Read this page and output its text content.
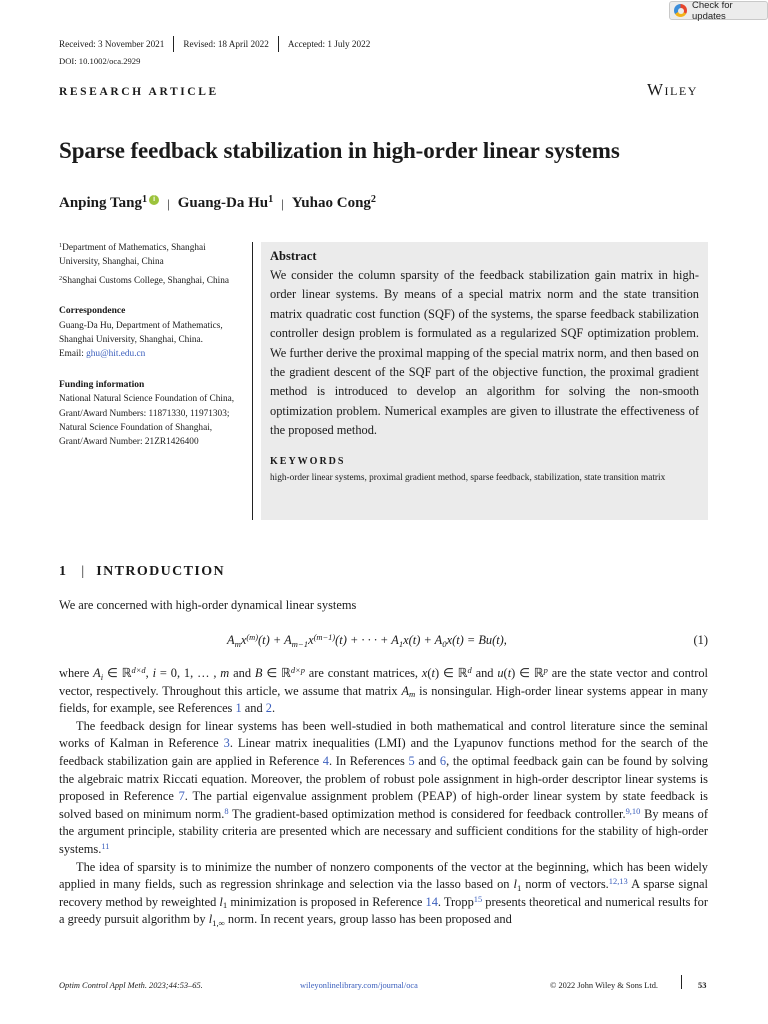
Check for updates
Received: 3 November 2021 Revised: 18 April 2022 Accepted: 1 July 2022
DOI: 10.1002/oca.2929
RESEARCH ARTICLE	Wiley
Sparse feedback stabilization in high-order linear systems
Anping Tang$^1$ i | Guang-Da Hu$^1$ | Yuhao Cong$^2$
$^1$Department of Mathematics, Shanghai University, Shanghai, China
$^2$Shanghai Customs College, Shanghai, China
Correspondence
Guang-Da Hu, Department of Mathematics, Shanghai University, Shanghai, China.
Email: ghu@hit.edu.cn
Funding information
National Natural Science Foundation of China, Grant/Award Numbers: 11871330, 11971303; Natural Science Foundation of Shanghai, Grant/Award Number: 21ZR1426400
Abstract
We consider the column sparsity of the feedback stabilization gain matrix in high-order linear systems. By means of a special matrix norm and the state transition matrix quadratic cost function (SQF) of the systems, the sparse feedback stabilization controller design problem is formulated as a regularized SQF optimization problem. We further derive the proximal mapping of the special matrix norm, and then based on the gradient descent of the SQF part of the objective function, the proximal gradient method is introduced to develop an algorithm for solving the non-smooth optimization problem. Numerical examples are given to illustrate the effectiveness of the proposed method.
KEYWORDS
high-order linear systems, proximal gradient method, sparse feedback, stabilization, state transition matrix
1 | INTRODUCTION
We are concerned with high-order dynamical linear systems
$A_mx^{(m)}(t) + A_{m-1}x^{(m-1)}(t)$ + · · · + $A_1x(t) + A_0x(t) = Bu(t)$,	(1)

where $A_i$ ∈ ℝ$^{d\times d}$, i = 0, 1, … , m and B ∈ ℝ$^{d\times p}$ are constant matrices, x(t) ∈ ℝ$^d$ and u(t) ∈ ℝ$^p$ are the state vector and control vector, respectively. Throughout this article, we assume that matrix $A_m$ is nonsingular. High-order linear systems appear in many fields, for example, see References 1 and 2.

The feedback design for linear systems has been well-studied in both mathematical and control literature since the seminal works of Kalman in Reference 3. Linear matrix inequalities (LMI) and the Lyapunov functions method for the search of the feedback stabilization gain are applied in Reference 4. In References 5 and 6, the optimal feedback gain can be found by solving the algebraic matrix Riccati equation. Moreover, the problem of robust pole assignment in high-order descriptor linear systems is proposed in Reference 7. The partial eigenvalue assignment problem (PEAP) of high-order linear system by state feedback is solved based on minimum norm.$^8$ The gradient-based optimization method is considered for feedback controller.$^{9,10}$ By means of the argument principle, stability criteria are presented which are necessary and sufficient conditions for the stability of high-order systems.$^{11}$

The idea of sparsity is to minimize the number of nonzero components of the vector at the beginning, which has been widely applied in many fields, such as regression shrinkage and selection via the lasso based on $l_1$ norm of vectors.$^{12,13}$ A sparse signal recovery method by reweighted $l_1$ minimization is proposed in Reference 14. Tropp$^{15}$ presents theoretical and numerical results for a greedy pursuit algorithm by $l_{1,\infty}$ norm. In recent years, group lasso has been proposed and

Optim Control Appl Meth. 2023;44:53–65.	wileyonlinelibrary.com/journal/oca	© 2022 John Wiley & Sons Ltd.	53
